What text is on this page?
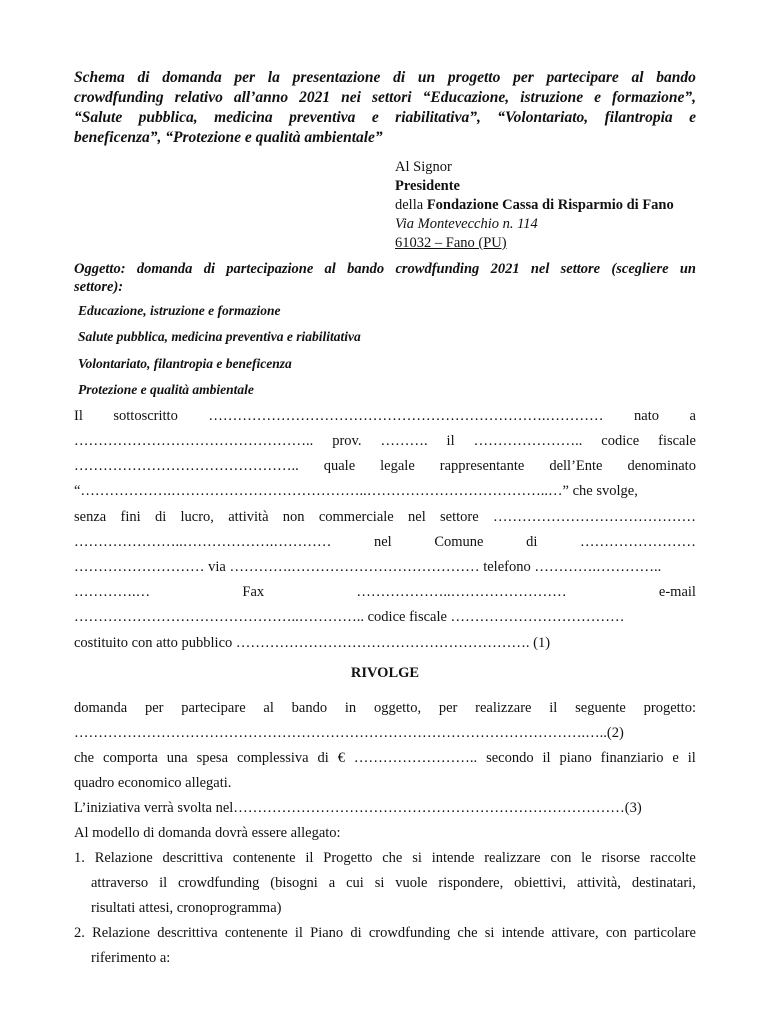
Schema di domanda per la presentazione di un progetto per partecipare al bando
crowdfunding relativo all’anno 2021 nei settori “Educazione, istruzione e formazione”,
“Salute pubblica, medicina preventiva e riabilitativa”, “Volontariato, filantropia e
beneficenza”, “Protezione e qualità ambientale”
Al Signor
Presidente
della Fondazione Cassa di Risparmio di Fano
Via Montevecchio n. 114
61032 – Fano (PU)
Oggetto: domanda di partecipazione al bando crowdfunding 2021 nel settore (scegliere un
settore):
Educazione, istruzione e formazione
Salute pubblica, medicina preventiva e riabilitativa
Volontariato, filantropia e beneficenza
Protezione e qualità ambientale
Il sottoscritto …………………………………………………………….………… nato a
………………………………………….. prov. ………. il ………………….. codice fiscale
……………………………………….. quale legale rappresentante dell’Ente denominato
“……………….…………………………………..………………………………..…” che svolge,
senza fini di lucro, attività non commerciale nel settore ……………………………………
…………………..……………….…………	nel	Comune	di	……………………
……………………… via ………….………………………………… telefono ………….…………..
………….…	Fax	………………..……………………	e-mail
………………………………………..………….. codice fiscale ………………………………
costituito con atto pubblico ……………………………………………………. (1)
RIVOLGE
domanda per partecipare al bando in oggetto, per realizzare il seguente progetto:
…………………………………………………………………………………………….…..(2)
che comporta una spesa complessiva di € …………………….. secondo il piano finanziario e il
quadro economico allegati.
L’iniziativa verrà svolta nel………………………………………………………………………(3)
Al modello di domanda dovrà essere allegato:
1. Relazione descrittiva contenente il Progetto che si intende realizzare con le risorse raccolte
attraverso il crowdfunding (bisogni a cui si vuole rispondere, obiettivi, attività, destinatari,
risultati attesi, cronoprogramma)
2. Relazione descrittiva contenente il Piano di crowdfunding che si intende attivare, con particolare
riferimento a:
